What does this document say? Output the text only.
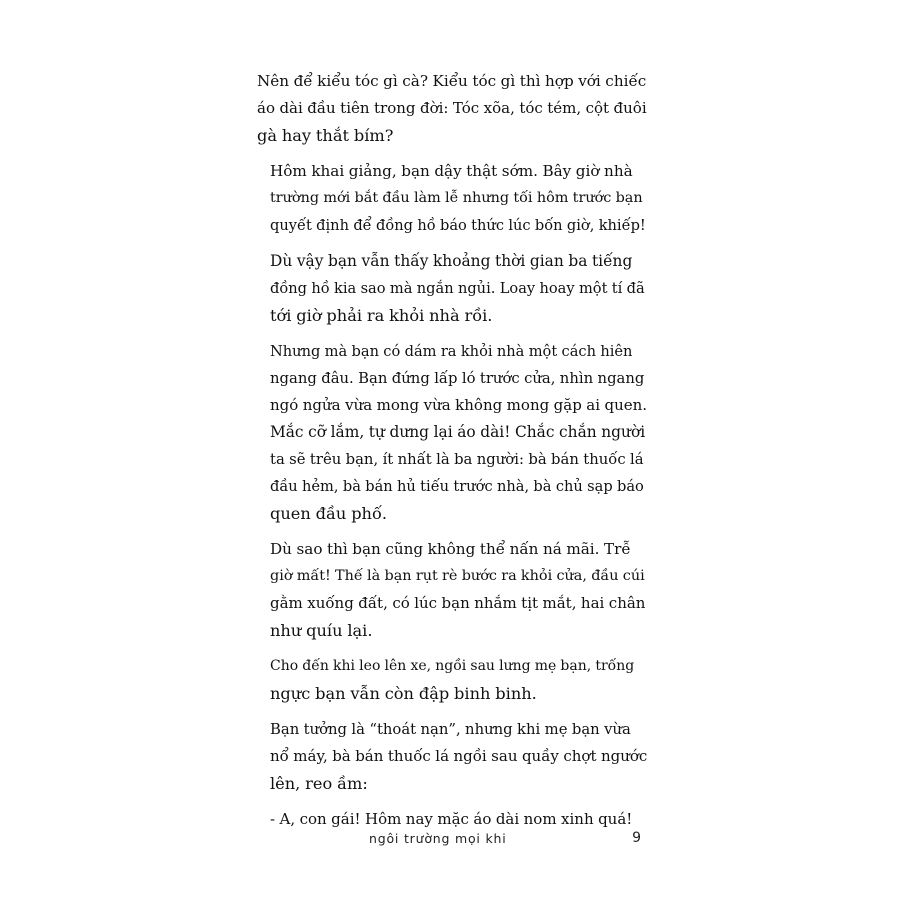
Nên để kiểu tóc gì cà? Kiểu tóc gì thì hợp với chiếc
áo dài đầu tiên trong đời: Tóc xõa, tóc tém, cột đuôi
gà hay thắt bím?

Hôm khai giảng, bạn dậy thật sớm. Bây giờ nhà
trường mới bắt đầu làm lễ nhưng tối hôm trước bạn
quyết định để đồng hồ báo thức lúc bốn giờ, khiếp!

Dù vậy bạn vẫn thấy khoảng thời gian ba tiếng
đồng hồ kia sao mà ngắn ngủi. Loay hoay một tí đã
tới giờ phải ra khỏi nhà rồi.

Nhưng mà bạn có dám ra khỏi nhà một cách hiên
ngang đâu. Bạn đứng lấp ló trước cửa, nhìn ngang
ngó ngửa vừa mong vừa không mong gặp ai quen.
Mắc cỡ lắm, tự dưng lại áo dài! Chắc chắn người
ta sẽ trêu bạn, ít nhất là ba người: bà bán thuốc lá
đầu hẻm, bà bán hủ tiếu trước nhà, bà chủ sạp báo
quen đầu phố.

Dù sao thì bạn cũng không thể nấn ná mãi. Trễ
giờ mất! Thế là bạn rụt rè bước ra khỏi cửa, đầu cúi
gằm xuống đất, có lúc bạn nhắm tịt mắt, hai chân
như quíu lại.

Cho đến khi leo lên xe, ngồi sau lưng mẹ bạn, trống
ngực bạn vẫn còn đập binh binh.

Bạn tưởng là “thoát nạn”, nhưng khi mẹ bạn vừa
nổ máy, bà bán thuốc lá ngồi sau quầy chợt ngước
lên, reo ầm:

- A, con gái! Hôm nay mặc áo dài nom xinh quá!

ngôi trường mọi khi	9
